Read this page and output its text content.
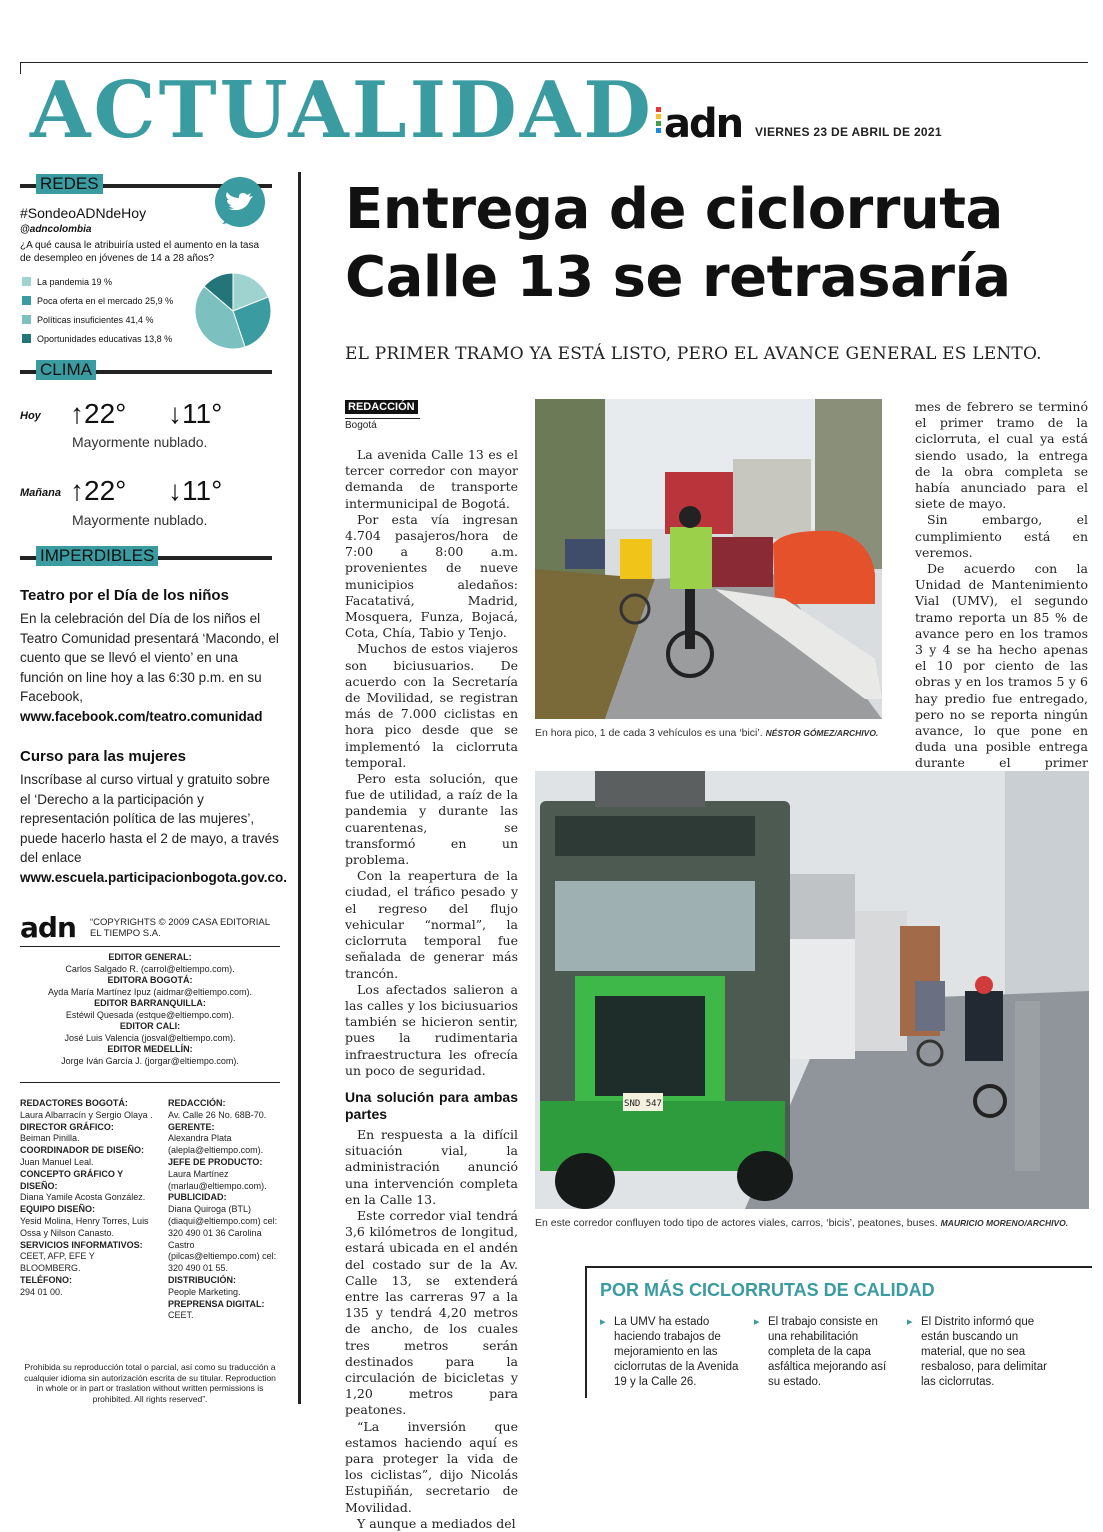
ACTUALIDAD adn VIERNES 23 DE ABRIL DE 2021
REDES
#SondeoADNdeHoy
@adncolombia
¿A qué causa le atribuiría usted el aumento en la tasa de desempleo en jóvenes de 14 a 28 años?
La pandemia 19 %
Poca oferta en el mercado 25,9 %
Políticas insuficientes 41,4 %
Oportunidades educativas 13,8 %
CLIMA
Hoy ↑22° ↓11°
Mayormente nublado.
Mañana ↑22° ↓11°
Mayormente nublado.
IMPERDIBLES
Teatro por el Día de los niños
En la celebración del Día de los niños el Teatro Comunidad presentará ‘Macondo, el cuento que se llevó el viento’ en una función on line hoy a las 6:30 p.m. en su Facebook,
www.facebook.com/teatro.comunidad
Curso para las mujeres
Inscríbase al curso virtual y gratuito sobre el ‘Derecho a la participación y representación política de las mujeres’, puede hacerlo hasta el 2 de mayo, a través del enlace www.escuela.participacionbogota.gov.co.
adn “COPYRIGHTS © 2009 CASA EDITORIAL EL TIEMPO S.A.
EDITOR GENERAL:
Carlos Salgado R. (carrol@eltiempo.com).
EDITORA BOGOTÁ:
Ayda María Martínez Ipuz (aidmar@eltiempo.com).
EDITOR BARRANQUILLA:
Estéwil Quesada (estque@eltiempo.com).
EDITOR CALI:
José Luis Valencia (josval@eltiempo.com).
EDITOR MEDELLÍN:
Jorge Iván García J. (jorgar@eltiempo.com).
REDACTORES BOGOTÁ:
Laura Albarracín y Sergio Olaya .
DIRECTOR GRÁFICO:
Beiman Pinilla.
COORDINADOR DE DISEÑO:
Juan Manuel Leal.
CONCEPTO GRÁFICO Y DISEÑO:
Diana Yamile Acosta González.
EQUIPO DISEÑO:
Yesid Molina, Henry Torres, Luis Ossa y Nilson Canasto.
SERVICIOS INFORMATIVOS:
CEET, AFP, EFE Y BLOOMBERG.
TELÉFONO:
294 01 00.
REDACCIÓN:
Av. Calle 26 No. 68B-70.
GERENTE:
Alexandra Plata (alepla@eltiempo.com).
JEFE DE PRODUCTO:
Laura Martínez (marlau@eltiempo.com).
PUBLICIDAD:
Diana Quiroga (BTL) (diaqui@eltiempo.com) cel: 320 490 01 36 Carolina Castro (pilcas@eltiempo.com) cel: 320 490 01 55.
DISTRIBUCIÓN:
People Marketing.
PREPRENSA DIGITAL:
CEET.
Prohibida su reproducción total o parcial, así como su traducción a cualquier idioma sin autorización escrita de su titular. Reproduction in whole or in part or traslation without written permissions is prohibited. All rights reserved”.
Entrega de ciclorruta
Calle 13 se retrasaría
EL PRIMER TRAMO YA ESTÁ LISTO, PERO EL AVANCE GENERAL ES LENTO.
REDACCIÓN
Bogotá

La avenida Calle 13 es el tercer corredor con mayor demanda de transporte intermunicipal de Bogotá.

Por esta vía ingresan 4.704 pasajeros/hora de 7:00 a 8:00 a.m. provenientes de nueve municipios aledaños: Facatativá, Madrid, Mosquera, Funza, Bojacá, Cota, Chía, Tabio y Tenjo.

Muchos de estos viajeros son biciusuarios. De acuerdo con la Secretaría de Movilidad, se registran más de 7.000 ciclistas en hora pico desde que se implementó la ciclorruta temporal.

Pero esta solución, que fue de utilidad, a raíz de la pandemia y durante las cuarentenas, se transformó en un problema.

Con la reapertura de la ciudad, el tráfico pesado y el regreso del flujo vehicular “normal”, la ciclorruta temporal fue señalada de generar más trancón.

Los afectados salieron a las calles y los biciusuarios también se hicieron sentir, pues la rudimentaria infraestructura les ofrecía un poco de seguridad.

Una solución para ambas partes

En respuesta a la difícil situación vial, la administración anunció una intervención completa en la Calle 13.

Este corredor vial tendrá 3,6 kilómetros de longitud, estará ubicada en el andén del costado sur de la Av. Calle 13, se extenderá entre las carreras 97 a la 135 y tendrá 4,20 metros de ancho, de los cuales tres metros serán destinados para la circulación de bicicletas y 1,20 metros para peatones.

“La inversión que estamos haciendo aquí es para proteger la vida de los ciclistas”, dijo Nicolás Estupiñán, secretario de Movilidad.

Y aunque a mediados del

En hora pico, 1 de cada 3 vehículos es una ‘bici’. NÉSTOR GÓMEZ/ARCHIVO.

mes de febrero se terminó el primer tramo de la ciclorruta, el cual ya está siendo usado, la entrega de la obra completa se había anunciado para el siete de mayo.

Sin embargo, el cumplimiento está en veremos.

De acuerdo con la Unidad de Mantenimiento Vial (UMV), el segundo tramo reporta un 85 % de avance pero en los tramos 3 y 4 se ha hecho apenas el 10 por ciento de las obras y en los tramos 5 y 6 hay predio fue entregado, pero no se reporta ningún avance, lo que pone en duda una posible entrega durante el primer

SND 547
En este corredor confluyen todo tipo de actores viales, carros, ‘bicis’, peatones, buses. MAURICIO MORENO/ARCHIVO.
POR MÁS CICLORRUTAS DE CALIDAD
▸ La UMV ha estado haciendo trabajos de mejoramiento en las ciclorrutas de la Avenida 19 y la Calle 26.
▸ El trabajo consiste en una rehabilitación completa de la capa asfáltica mejorando así su estado.
▸ El Distrito informó que están buscando un material, que no sea resbaloso, para delimitar las ciclorrutas.
